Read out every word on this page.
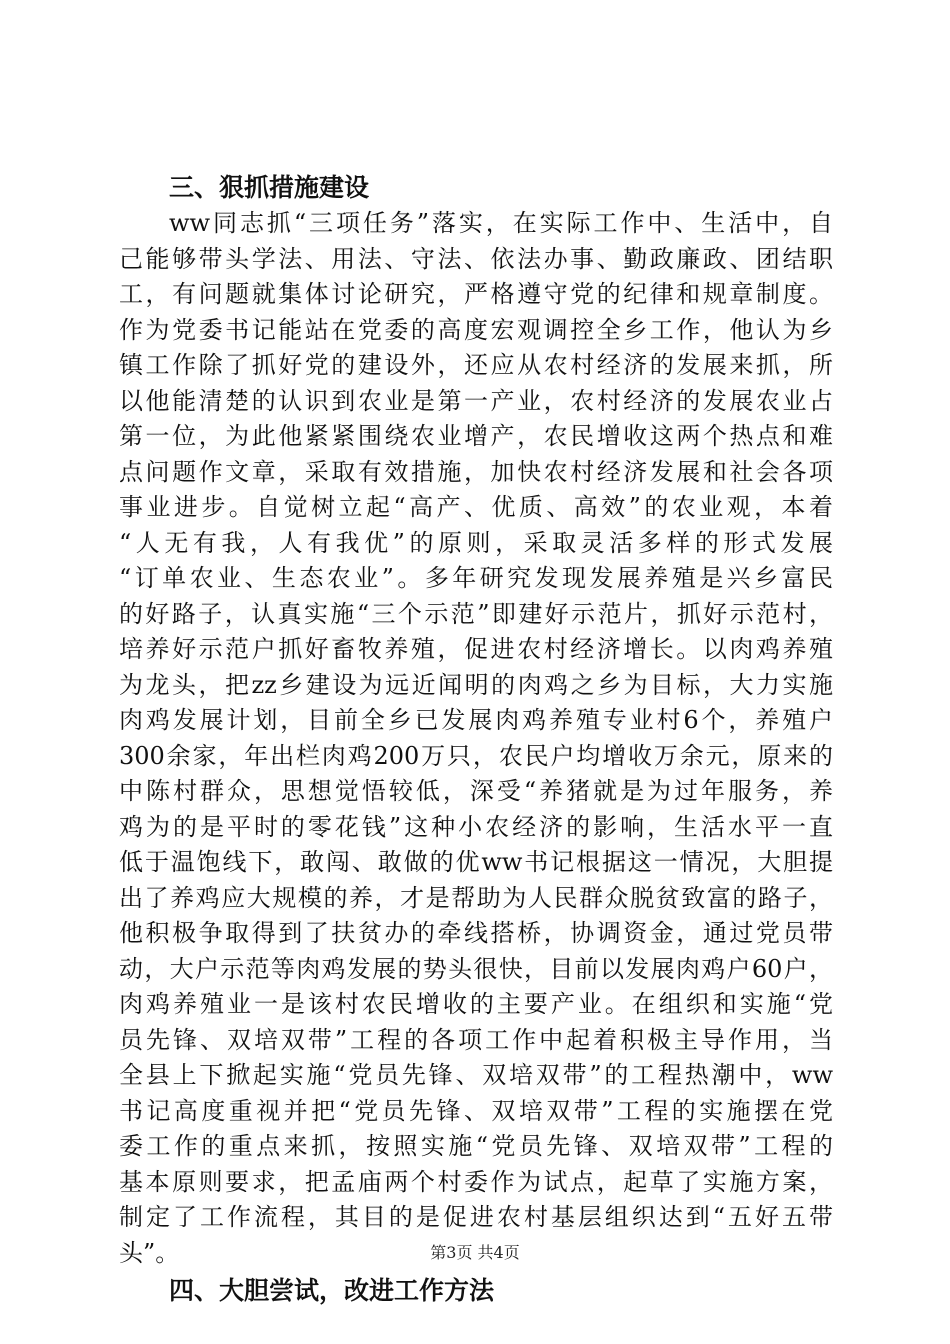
三、狠抓措施建设
ww同志抓“三项任务”落实，在实际工作中、生活中，自
己能够带头学法、用法、守法、依法办事、勤政廉政、团结职
工，有问题就集体讨论研究，严格遵守党的纪律和规章制度。
作为党委书记能站在党委的高度宏观调控全乡工作，他认为乡
镇工作除了抓好党的建设外，还应从农村经济的发展来抓，所
以他能清楚的认识到农业是第一产业，农村经济的发展农业占
第一位，为此他紧紧围绕农业增产，农民增收这两个热点和难
点问题作文章，采取有效措施，加快农村经济发展和社会各项
事业进步。自觉树立起“高产、优质、高效”的农业观，本着
“人无有我，人有我优”的原则，采取灵活多样的形式发展
“订单农业、生态农业”。多年研究发现发展养殖是兴乡富民
的好路子，认真实施“三个示范”即建好示范片，抓好示范村，
培养好示范户抓好畜牧养殖，促进农村经济增长。以肉鸡养殖
为龙头，把zz乡建设为远近闻明的肉鸡之乡为目标，大力实施
肉鸡发展计划，目前全乡已发展肉鸡养殖专业村6个，养殖户
300余家，年出栏肉鸡200万只，农民户均增收万余元，原来的
中陈村群众，思想觉悟较低，深受“养猪就是为过年服务，养
鸡为的是平时的零花钱”这种小农经济的影响，生活水平一直
低于温饱线下，敢闯、敢做的优ww书记根据这一情况，大胆提
出了养鸡应大规模的养，才是帮助为人民群众脱贫致富的路子，
他积极争取得到了扶贫办的牵线搭桥，协调资金，通过党员带
动，大户示范等肉鸡发展的势头很快，目前以发展肉鸡户60户，
肉鸡养殖业一是该村农民增收的主要产业。在组织和实施“党
员先锋、双培双带”工程的各项工作中起着积极主导作用，当
全县上下掀起实施“党员先锋、双培双带”的工程热潮中，ww
书记高度重视并把“党员先锋、双培双带”工程的实施摆在党
委工作的重点来抓，按照实施“党员先锋、双培双带”工程的
基本原则要求，把孟庙两个村委作为试点，起草了实施方案，
制定了工作流程，其目的是促进农村基层组织达到“五好五带
头”。
四、大胆尝试，改进工作方法
第3页 共4页
